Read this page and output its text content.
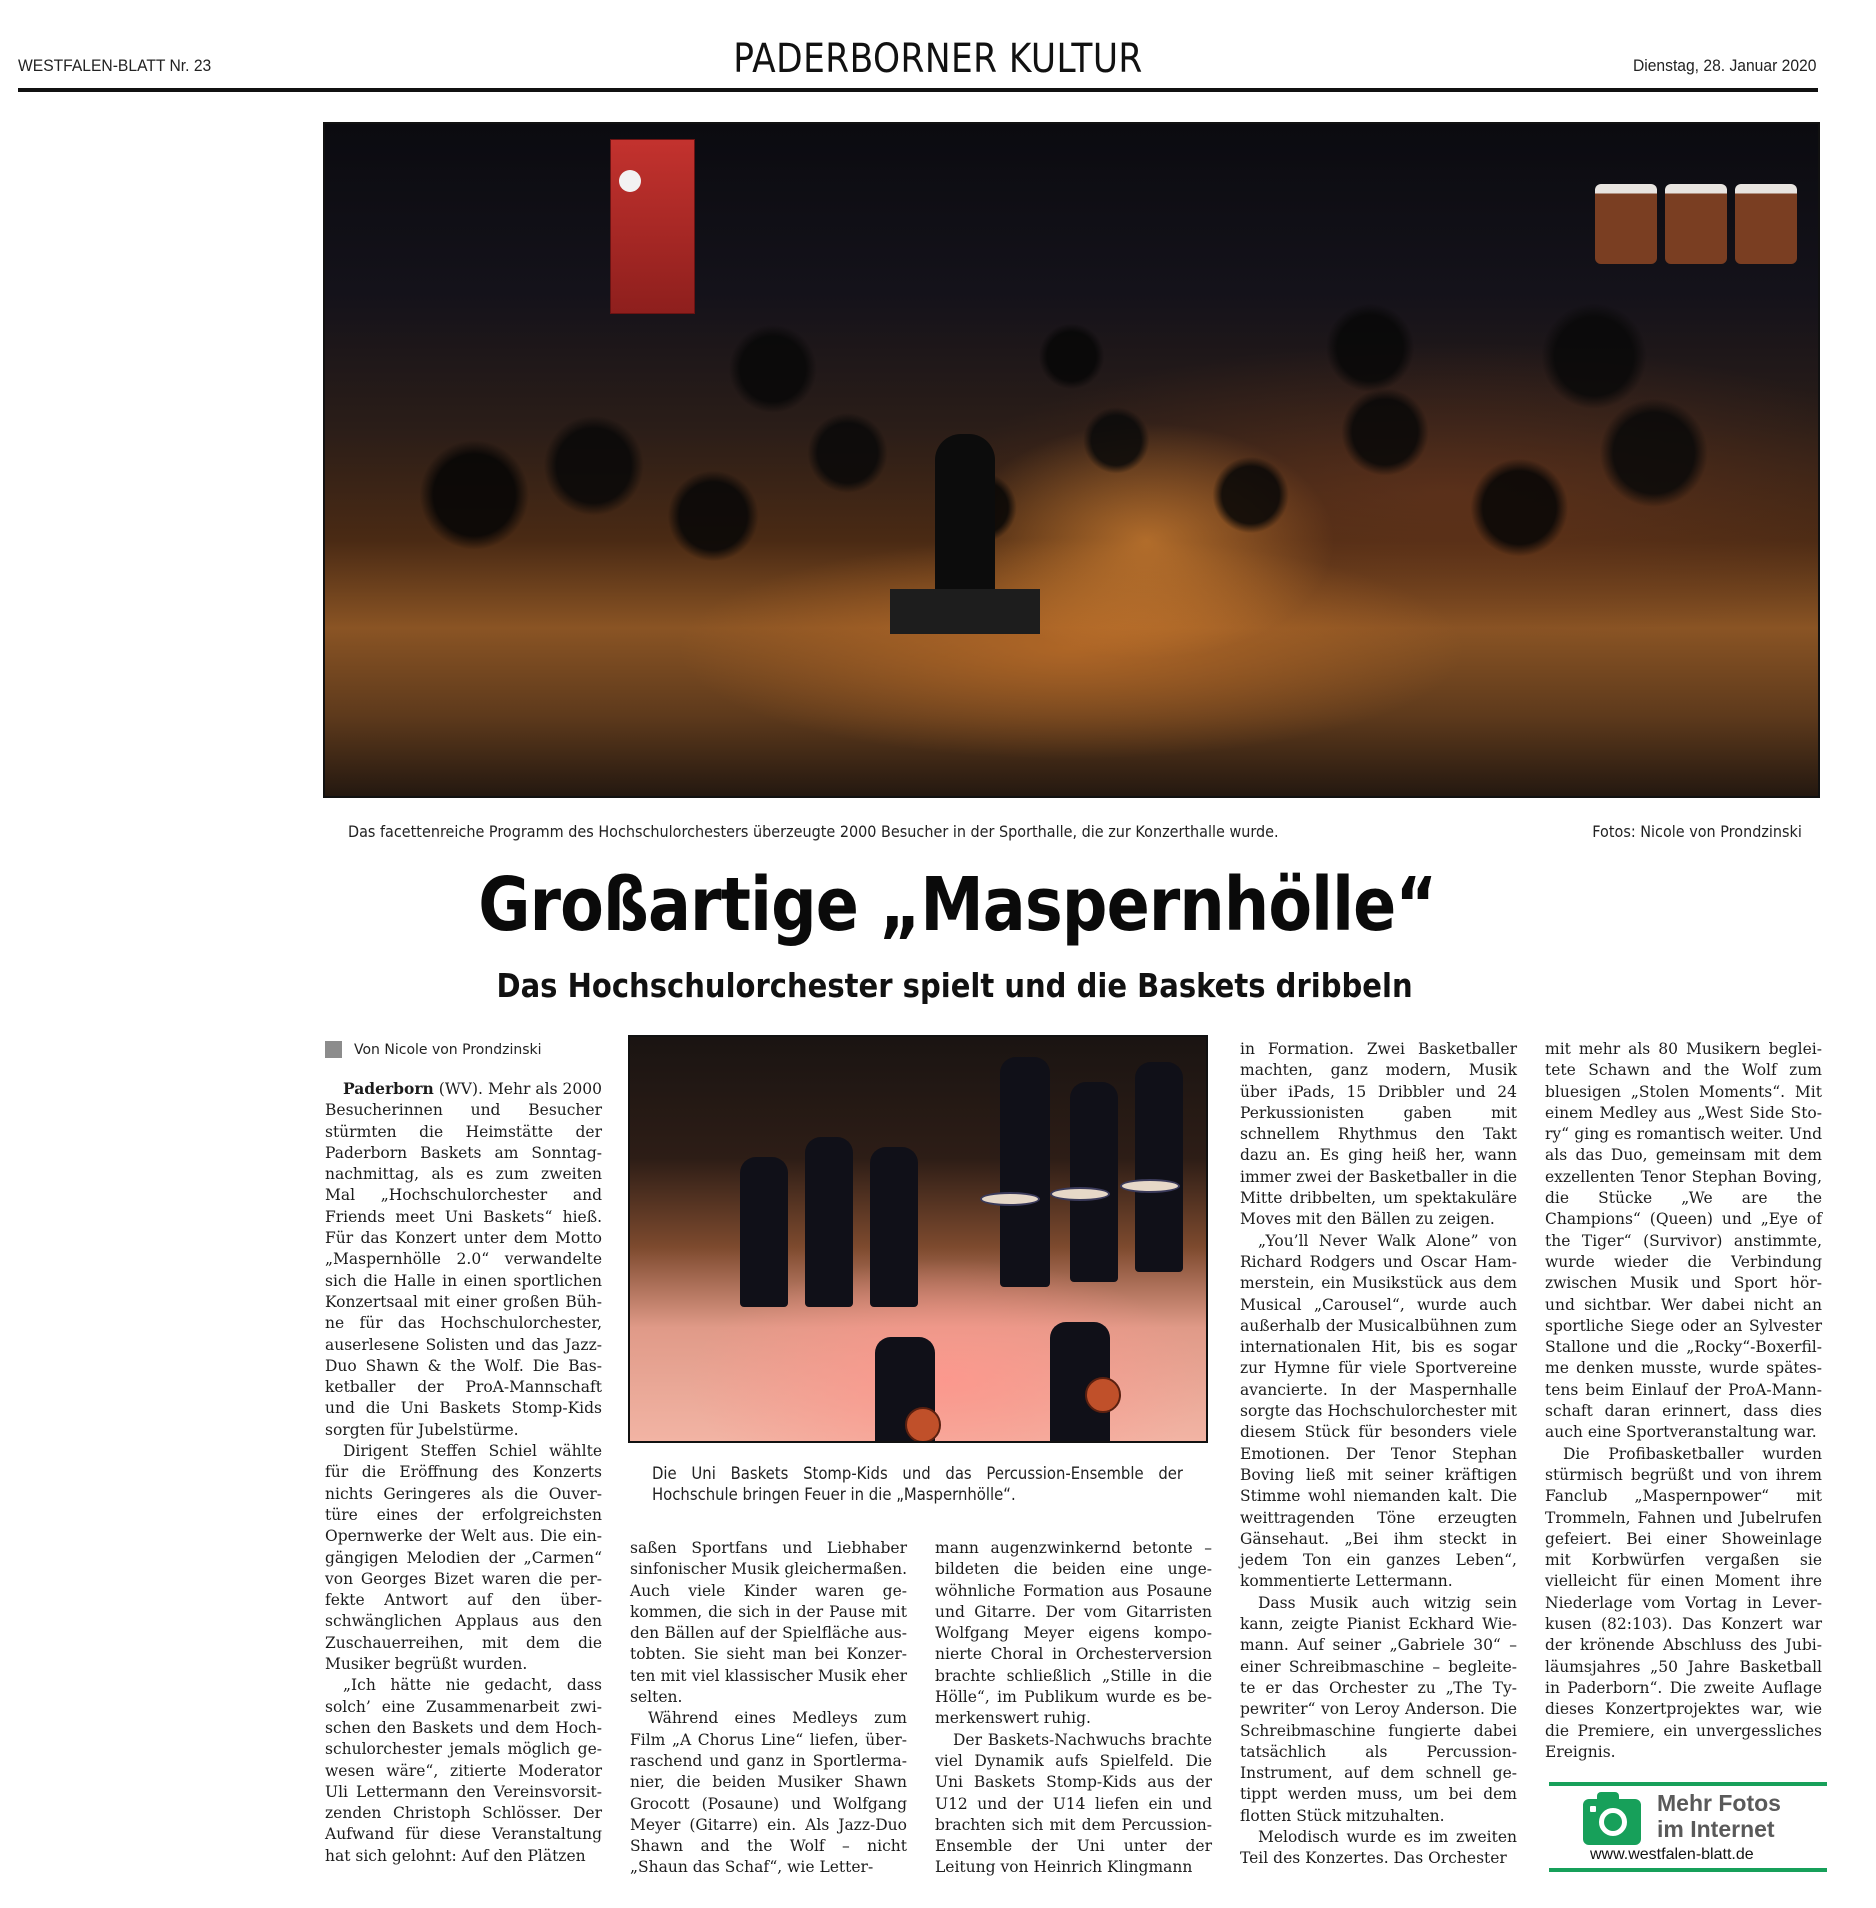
WESTFALEN-BLATT Nr. 23	PADERBORNER KULTUR	Dienstag, 28. Januar 2020
Das facettenreiche Programm des Hochschulorchesters überzeugte 2000 Besucher in der Sporthalle, die zur Konzerthalle wurde.	Fotos: Nicole von Prondzinski
Großartige „Maspernhölle“
Das Hochschulorchester spielt und die Baskets dribbeln
Von Nicole von Prondzinski
Die Uni Baskets Stomp-Kids und das Percussion-Ensemble der Hochschule bringen Feuer in die „Maspernhölle“.

Paderborn (WV). Mehr als 2000 Besucherinnen und Besucher stürmten die Heimstätte der Paderborn Baskets am Sonntagnachmittag, als es zum zweiten Mal „Hochschulorchester and Friends meet Uni Baskets“ hieß. Für das Konzert unter dem Motto „Maspernhölle 2.0“ verwandelte sich die Halle in einen sportlichen Konzertsaal mit einer großen Bühne für das Hochschulorchester, auserlesene Solisten und das Jazz-Duo Shawn & the Wolf. Die Basketballer der ProA-Mannschaft und die Uni Baskets Stomp-Kids sorgten für Jubelstürme.

Dirigent Steffen Schiel wählte für die Eröffnung des Konzerts nichts Geringeres als die Ouvertüre eines der erfolgreichsten Opernwerke der Welt aus. Die eingängigen Melodien der „Carmen“ von Georges Bizet waren die perfekte Antwort auf den überschwänglichen Applaus aus den Zuschauerreihen, mit dem die Musiker begrüßt wurden.

„Ich hätte nie gedacht, dass solch’ eine Zusammenarbeit zwischen den Baskets und dem Hochschulorchester jemals möglich gewesen wäre“, zitierte Moderator Uli Lettermann den Vereinsvorsitzenden Christoph Schlösser. Der Aufwand für diese Veranstaltung hat sich gelohnt: Auf den Plätzen

saßen Sportfans und Liebhaber sinfonischer Musik gleichermaßen. Auch viele Kinder waren gekommen, die sich in der Pause mit den Bällen auf der Spielfläche austobten. Sie sieht man bei Konzerten mit viel klassischer Musik eher selten.

Während eines Medleys zum Film „A Chorus Line“ liefen, überraschend und ganz in Sportlermanier, die beiden Musiker Shawn Grocott (Posaune) und Wolfgang Meyer (Gitarre) ein. Als Jazz-Duo Shawn and the Wolf – nicht „Shaun das Schaf“, wie Letter-

mann augenzwinkernd betonte – bildeten die beiden eine ungewöhnliche Formation aus Posaune und Gitarre. Der vom Gitarristen Wolfgang Meyer eigens komponierte Choral in Orchesterversion brachte schließlich „Stille in die Hölle“, im Publikum wurde es bemerkenswert ruhig.

Der Baskets-Nachwuchs brachte viel Dynamik aufs Spielfeld. Die Uni Baskets Stomp-Kids aus der U12 und der U14 liefen ein und brachten sich mit dem Percussion-Ensemble der Uni unter der Leitung von Heinrich Klingmann

in Formation. Zwei Basketballer machten, ganz modern, Musik über iPads, 15 Dribbler und 24 Perkussionisten gaben mit schnellem Rhythmus den Takt dazu an. Es ging heiß her, wann immer zwei der Basketballer in die Mitte dribbelten, um spektakuläre Moves mit den Bällen zu zeigen.

„You’ll Never Walk Alone” von Richard Rodgers und Oscar Hammerstein, ein Musikstück aus dem Musical „Carousel“, wurde auch außerhalb der Musicalbühnen zum internationalen Hit, bis es sogar zur Hymne für viele Sportvereine avancierte. In der Maspernhalle sorgte das Hochschulorchester mit diesem Stück für besonders viele Emotionen. Der Tenor Stephan Boving ließ mit seiner kräftigen Stimme wohl niemanden kalt. Die weittragenden Töne erzeugten Gänsehaut. „Bei ihm steckt in jedem Ton ein ganzes Leben“, kommentierte Lettermann.

Dass Musik auch witzig sein kann, zeigte Pianist Eckhard Wiemann. Auf seiner „Gabriele 30“ – einer Schreibmaschine – begleitete er das Orchester zu „The Typewriter“ von Leroy Anderson. Die Schreibmaschine fungierte dabei tatsächlich als Percussion-Instrument, auf dem schnell getippt werden muss, um bei dem flotten Stück mitzuhalten.

Melodisch wurde es im zweiten Teil des Konzertes. Das Orchester

mit mehr als 80 Musikern begleitete Schawn and the Wolf zum bluesigen „Stolen Moments“. Mit einem Medley aus „West Side Story“ ging es romantisch weiter. Und als das Duo, gemeinsam mit dem exzellenten Tenor Stephan Boving, die Stücke „We are the Champions“ (Queen) und „Eye of the Tiger“ (Survivor) anstimmte, wurde wieder die Verbindung zwischen Musik und Sport hör- und sichtbar. Wer dabei nicht an sportliche Siege oder an Sylvester Stallone und die „Rocky“-Boxerfilme denken musste, wurde spätestens beim Einlauf der ProA-Mannschaft daran erinnert, dass dies auch eine Sportveranstaltung war.

Die Profibasketballer wurden stürmisch begrüßt und von ihrem Fanclub „Maspernpower“ mit Trommeln, Fahnen und Jubelrufen gefeiert. Bei einer Showeinlage mit Korbwürfen vergaßen sie vielleicht für einen Moment ihre Niederlage vom Vortag in Leverkusen (82:103). Das Konzert war der krönende Abschluss des Jubiläumsjahres „50 Jahre Basketball in Paderborn“. Die zweite Auflage dieses Konzertprojektes war, wie die Premiere, ein unvergessliches Ereignis.

Mehr Fotos
im Internet
www.westfalen-blatt.de
